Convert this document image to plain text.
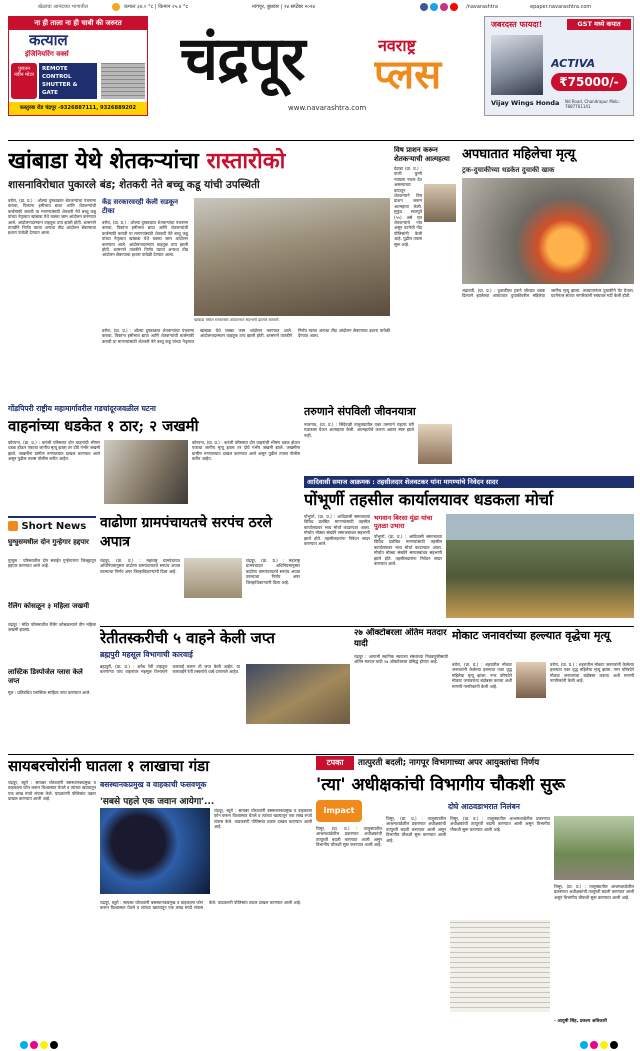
खेळाचा आनंदच्या भागातील	कमाल ३४.० °c | किमान २५.४ °c	नागपूर, बुधवार | २४ सप्टेंबर २०२४	/navarashtra	epaper.navarashtra.com
ना ही ताला ना ही चाबी की जरुरत
कत्याल
इंजिनियरिंग वर्क्स
पुरातन नवीन मोटर
REMOTE CONTROL SHUTTER & GATE
कस्तुरबा रोड चंद्रपूर -9326887111, 9326889202
चंद्रपूर	नवराष्ट्र
प्लस
www.navarashtra.com
जबरदस्त फायदा!	GST मध्ये कपात
ACTIVA
₹75000/-
Vijay Wings Honda	Nd Road, Chandrapur Mob.: 7887761141
खांबाडा येथे शेतकऱ्यांचा रास्तारोको
शासनाविरोधात पुकारले बंड; शेतकरी नेते बच्चू कडू यांची उपस्थिती
वरोरा, (प्रा. प्र.) : ओल्या दुष्काळात शेतकऱ्यांचा पंचनामा करावा, पिकांना हमीभाव द्यावा आणि शेतकऱ्यांची कर्जमाफी करावी या मागण्यांसाठी शेतकरी नेते बच्चू कडू यांच्या नेतृत्वात खांबाडा येथे चक्का जाम आंदोलन करण्यात आले. आंदोलनादरम्यान वाहतूक ठप्प झाली होती. शासनाने तातडीने निर्णय घ्यावा अन्यथा तीव्र आंदोलन छेडण्याचा इशारा यावेळी देण्यात आला.
केंद्र सरकारवरही केली सडकून टीका
वरोरा, (प्रा. प्र.) : ओल्या दुष्काळात शेतकऱ्यांचा पंचनामा करावा, पिकांना हमीभाव द्यावा आणि शेतकऱ्यांची कर्जमाफी करावी या मागण्यांसाठी शेतकरी नेते बच्चू कडू यांच्या नेतृत्वात खांबाडा येथे चक्का जाम आंदोलन करण्यात आले. आंदोलनादरम्यान वाहतूक ठप्प झाली होती. शासनाने तातडीने निर्णय घ्यावा अन्यथा तीव्र आंदोलन छेडण्याचा इशारा यावेळी देण्यात आला.
खांबाडा येथील रास्तारोको आंदोलनात सहभागी झालेले शेतकरी.
वरोरा, (प्रा. प्र.) : ओल्या दुष्काळात शेतकऱ्यांचा पंचनामा करावा, पिकांना हमीभाव द्यावा आणि शेतकऱ्यांची कर्जमाफी करावी या मागण्यांसाठी शेतकरी नेते बच्चू कडू यांच्या नेतृत्वात खांबाडा येथे चक्का जाम आंदोलन करण्यात आले. आंदोलनादरम्यान वाहतूक ठप्प झाली होती. शासनाने तातडीने निर्णय घ्यावा अन्यथा तीव्र आंदोलन छेडण्याचा इशारा यावेळी देण्यात आला.
विष प्राशन करून शेतकऱ्याची आत्महत्या
देवाडा (प्रा. प्र.) : पाणी कुणी न्यायला नकार देत असल्याच्या वादातून शेतकऱ्याने विष प्राशन करून आत्महत्या केली. मुकुंद सातपुते (५५) असे मृत शेतकऱ्याचे नाव असून घटनेची नोंद पोलिसांनी केली आहे. पुढील तपास सुरू आहे.
अपघातात महिलेचा मृत्यू
ट्रक-दुचाकीच्या धडकेत दुचाकी खाक
भद्रावती, (प्रा. प्र.) : दुचाकीला ट्रकने जोरदार धडक दिल्याने झालेल्या अपघातात दुचाकीवरील महिलेचा जागीच मृत्यू झाला. अपघातानंतर दुचाकीने पेट घेतला. घटनेनंतर संतप्त नागरिकांनी रस्त्यावर गर्दी केली होती.
गोंडपिपरी राष्ट्रीय महामार्गावरील गडचांदूरजवळील घटना
वाहनांच्या धडकेत १ ठार; २ जखमी
कोरपना, (प्रा. प्र.) : करंजी परिसरात दोन वाहनांची भीषण धडक होऊन एकाचा जागीच मृत्यू झाला तर दोघे गंभीर जखमी झाले. जखमींना ग्रामीण रुग्णालयात दाखल करण्यात आले असून पुढील तपास पोलीस करीत आहेत.
कोरपना, (प्रा. प्र.) : करंजी परिसरात दोन वाहनांची भीषण धडक होऊन एकाचा जागीच मृत्यू झाला तर दोघे गंभीर जखमी झाले. जखमींना ग्रामीण रुग्णालयात दाखल करण्यात आले असून पुढील तपास पोलीस करीत आहेत.
तरुणाने संपविली जीवनयात्रा
नवरगाव, (प्रा. प्र.) : सिंदेवाही तालुक्यातील एका तरुणाने राहत्या घरी गळफास घेऊन आत्महत्या केली. आत्महत्येचे कारण अद्याप स्पष्ट झाले नाही.
आदिवासी समाज आक्रमक : तहसीलदार शेलवटकर यांना मागण्यांचे निवेदन सादर
पोंभूर्णी तहसील कार्यालयावर धडकला मोर्चा
पोंभूर्णा, (प्रा. प्र.) : आदिवासी समाजाच्या विविध प्रलंबित मागण्यांसाठी तहसील कार्यालयावर भव्य मोर्चा काढण्यात आला. मोर्चात मोठ्या संख्येने समाजबांधव सहभागी झाले होते. तहसीलदारांना निवेदन सादर करण्यात आले.
भगवान बिरसा मुंडा यांचा पुतळा उभारा
पोंभूर्णा, (प्रा. प्र.) : आदिवासी समाजाच्या विविध प्रलंबित मागण्यांसाठी तहसील कार्यालयावर भव्य मोर्चा काढण्यात आला. मोर्चात मोठ्या संख्येने समाजबांधव सहभागी झाले होते. तहसीलदारांना निवेदन सादर करण्यात आले.
Short News
घुग्घुसमधील दोन गुन्हेगार हद्दपार
घुग्घुस : परिसरातील दोन सराईत गुन्हेगारांना जिल्ह्यातून हद्दपार करण्यात आले आहे.
रेलिंग कोसळून ३ महिला जखमी
चंद्रपूर : मंदिर परिसरातील रेलिंग कोसळल्याने तीन महिला जखमी झाल्या.
लास्टिक डिस्पोजेल ग्लास केले जप्त
मूल : प्रतिबंधित प्लास्टिक साहित्य जप्त करण्यात आले.
वाढोणा ग्रामपंचायतचे सरपंच ठरले अपात्र
चंद्रपूर, (प्रा. प्र.) : महाराष्ट्र ग्रामपंचायत अधिनियमानुसार वाढोणा ग्रामपंचायतचे सरपंच अपात्र ठरल्याचा निर्णय अपर जिल्हाधिकाऱ्यांनी दिला आहे.
चंद्रपूर, (प्रा. प्र.) : महाराष्ट्र ग्रामपंचायत अधिनियमानुसार वाढोणा ग्रामपंचायतचे सरपंच अपात्र ठरल्याचा निर्णय अपर जिल्हाधिकाऱ्यांनी दिला आहे.
रेतीतस्करीची ५ वाहने केली जप्त
ब्रह्मपुरी महसूल विभागाची कारवाई
ब्रह्मपुरी, (प्रा. प्र.) : अवैध रेती वाहतूक करणाऱ्या पाच वाहनांवर महसूल विभागाने कारवाई करून ती जप्त केली आहेत. या कारवाईने रेती तस्करांचे धाबे दणाणले आहेत.
२७ ऑक्टोबरला अंतिम मतदार यादी
चंद्रपूर : आगामी स्थानिक स्वराज्य संस्थांच्या निवडणुकीसाठी अंतिम मतदार यादी २७ ऑक्टोबरला प्रसिद्ध होणार आहे.
मोकाट जनावरांच्या हल्ल्यात वृद्धेचा मृत्यू
वरोरा, (प्रा. प्र.) : शहरातील मोकाट जनावरांनी केलेल्या हल्ल्यात एका वृद्ध महिलेचा मृत्यू झाला. नगर परिषदेने मोकाट जनावरांचा बंदोबस्त करावा अशी मागणी नागरिकांनी केली आहे.
वरोरा, (प्रा. प्र.) : शहरातील मोकाट जनावरांनी केलेल्या हल्ल्यात एका वृद्ध महिलेचा मृत्यू झाला. नगर परिषदेने मोकाट जनावरांचा बंदोबस्त करावा अशी मागणी नागरिकांनी केली आहे.
सायबरचोरांनी घातला १ लाखाचा गंडा
बसस्थानकप्रमुख व वाहकाची फसवणूक
'सबसे पहले एक जवान आयेगा'...
चंद्रपूर, ब्यूरो : सायबर चोरट्यांनी बसस्थानकप्रमुख व वाहकाला फोन करून विश्वासात घेतले व त्यांच्या खात्यातून एक लाख रुपये लंपास केले. याप्रकरणी पोलिसांत तक्रार दाखल करण्यात आली आहे.
चंद्रपूर, ब्यूरो : सायबर चोरट्यांनी बसस्थानकप्रमुख व वाहकाला फोन करून विश्वासात घेतले व त्यांच्या खात्यातून एक लाख रुपये लंपास केले. याप्रकरणी पोलिसांत तक्रार दाखल करण्यात आली आहे.
चंद्रपूर, ब्यूरो : सायबर चोरट्यांनी बसस्थानकप्रमुख व वाहकाला फोन करून विश्वासात घेतले व त्यांच्या खात्यातून एक लाख रुपये लंपास केले. याप्रकरणी पोलिसांत तक्रार दाखल करण्यात आली आहे.
टपका	तात्पुरती बदली; नागपूर विभागाच्या अपर आयुक्तांचा निर्णय
'त्या' अधीक्षकांची विभागीय चौकशी सुरू
Impact	दोघे आठवडाभरात निलंबन
चिमूर, (प्रा. प्र.) : तालुक्यातील आश्रमशाळेतील प्रकरणात अधीक्षकांची तात्पुरती बदली करण्यात आली असून विभागीय चौकशी सुरू करण्यात आली आहे.
चिमूर, (प्रा. प्र.) : तालुक्यातील आश्रमशाळेतील प्रकरणात अधीक्षकांची तात्पुरती बदली करण्यात आली असून विभागीय चौकशी सुरू करण्यात आली आहे.
चिमूर, (प्रा. प्र.) : तालुक्यातील आश्रमशाळेतील प्रकरणात अधीक्षकांची तात्पुरती बदली करण्यात आली असून विभागीय चौकशी सुरू करण्यात आली आहे.
चिमूर, (प्रा. प्र.) : तालुक्यातील आश्रमशाळेतील प्रकरणात अधीक्षकांची तात्पुरती बदली करण्यात आली असून विभागीय चौकशी सुरू करण्यात आली आहे.
- आयुषी सिंह, प्रकल्प अधिकारी
